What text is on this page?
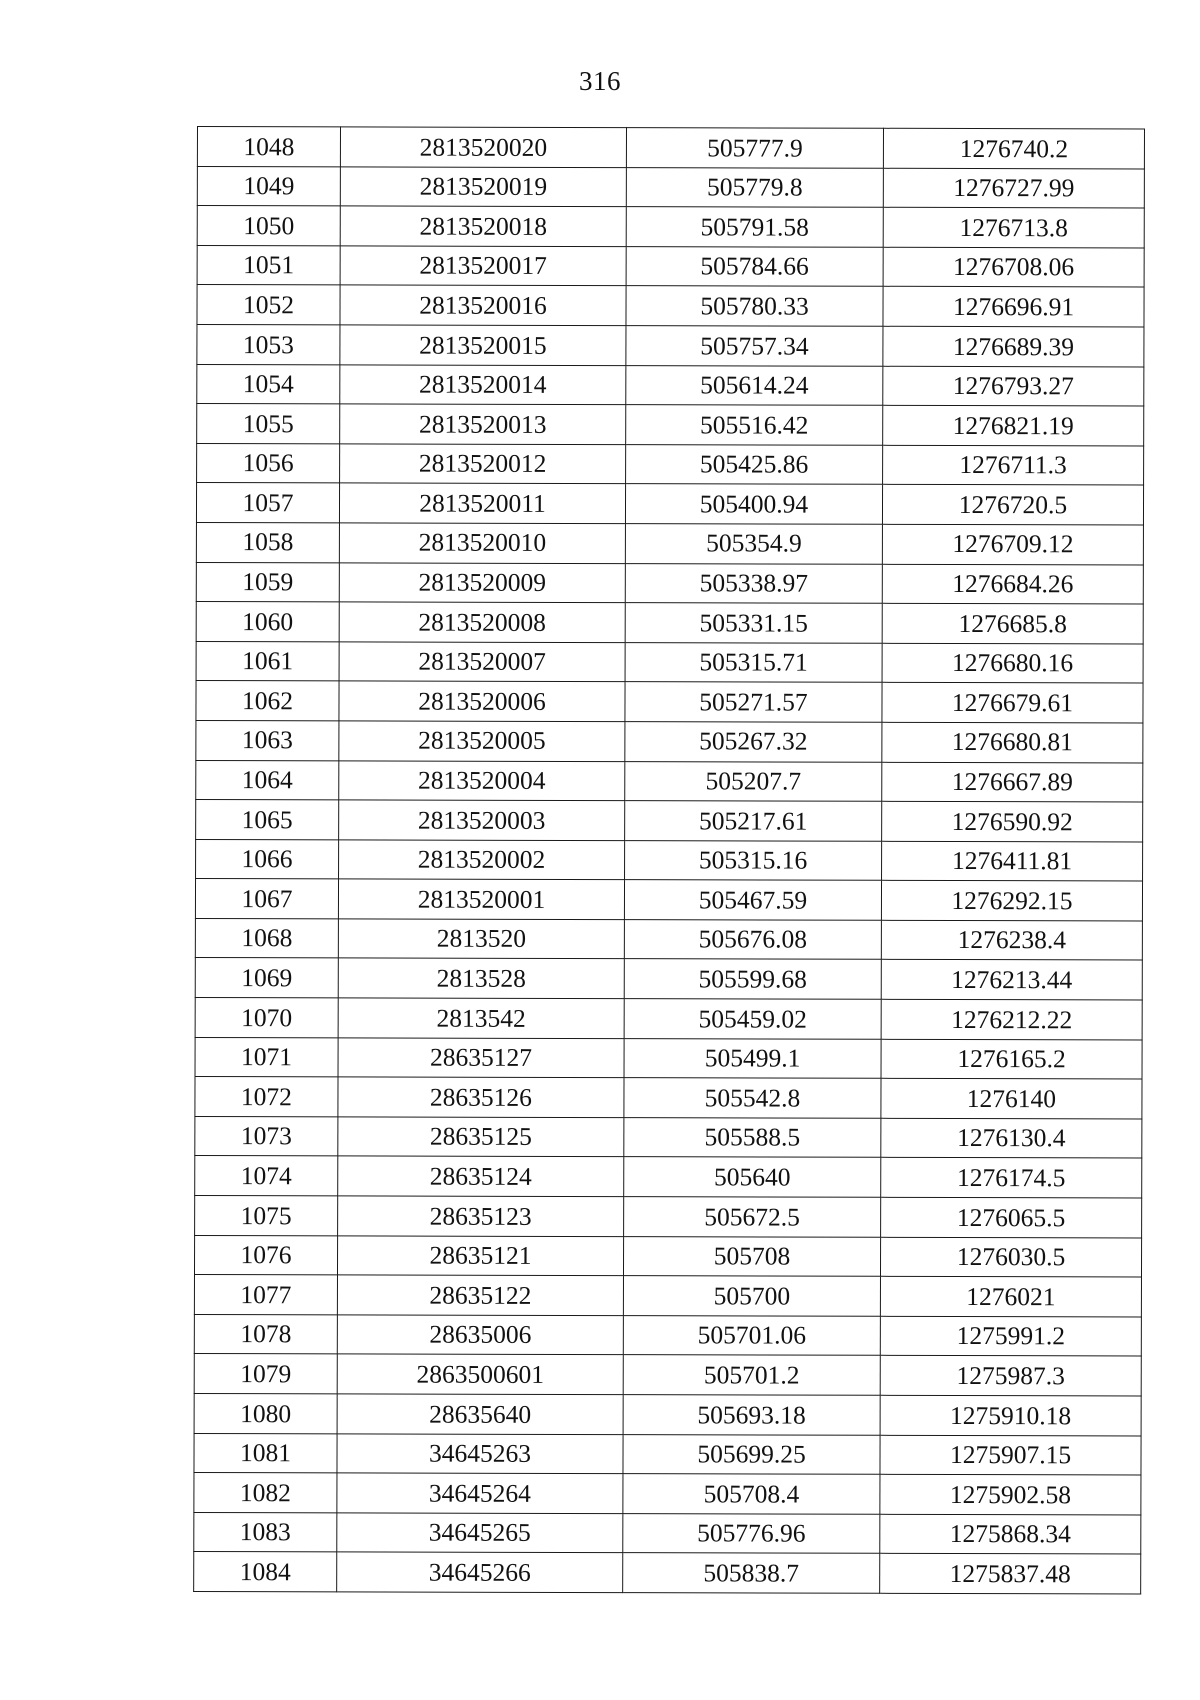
316
1048	2813520020	505777.9	1276740.2
1049	2813520019	505779.8	1276727.99
1050	2813520018	505791.58	1276713.8
1051	2813520017	505784.66	1276708.06
1052	2813520016	505780.33	1276696.91
1053	2813520015	505757.34	1276689.39
1054	2813520014	505614.24	1276793.27
1055	2813520013	505516.42	1276821.19
1056	2813520012	505425.86	1276711.3
1057	2813520011	505400.94	1276720.5
1058	2813520010	505354.9	1276709.12
1059	2813520009	505338.97	1276684.26
1060	2813520008	505331.15	1276685.8
1061	2813520007	505315.71	1276680.16
1062	2813520006	505271.57	1276679.61
1063	2813520005	505267.32	1276680.81
1064	2813520004	505207.7	1276667.89
1065	2813520003	505217.61	1276590.92
1066	2813520002	505315.16	1276411.81
1067	2813520001	505467.59	1276292.15
1068	2813520	505676.08	1276238.4
1069	2813528	505599.68	1276213.44
1070	2813542	505459.02	1276212.22
1071	28635127	505499.1	1276165.2
1072	28635126	505542.8	1276140
1073	28635125	505588.5	1276130.4
1074	28635124	505640	1276174.5
1075	28635123	505672.5	1276065.5
1076	28635121	505708	1276030.5
1077	28635122	505700	1276021
1078	28635006	505701.06	1275991.2
1079	2863500601	505701.2	1275987.3
1080	28635640	505693.18	1275910.18
1081	34645263	505699.25	1275907.15
1082	34645264	505708.4	1275902.58
1083	34645265	505776.96	1275868.34
1084	34645266	505838.7	1275837.48
